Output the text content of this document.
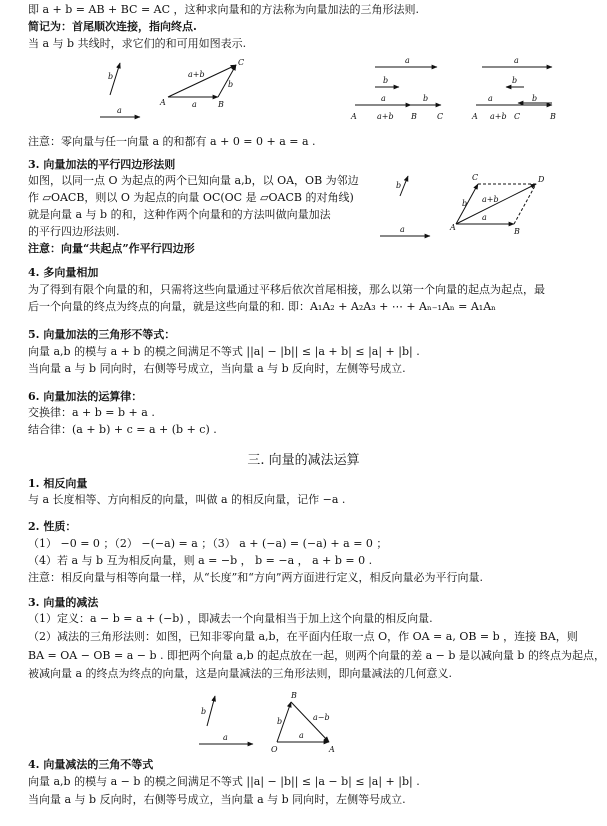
即 a + b = AB + BC = AC ，这种求向量和的方法称为向量加法的三角形法则.
简记为：首尾顺次连接，指向终点.
当 a 与 b 共线时，求它们的和可用如图表示.
b
a
a+b
a
b
A	B
C	a
b
a	b
A	a+b B	C
a
b
a	b
A a+b C	B
注意：零向量与任一向量 a 的和都有 a + 0 = 0 + a = a .
3. 向量加法的平行四边形法则
如图，以同一点 O 为起点的两个已知向量 a,b，以 OA，OB 为邻边
作 ▱OACB，则以 O 为起点的向量 OC(OC 是 ▱OACB 的对角线)
就是向量 a 与 b 的和，这种作两个向量和的方法叫做向量加法
的平行四边形法则.
注意：向量“共起点”作平行四边形
b
a
a+b
a
b
A	B
C	D
4. 多向量相加
为了得到有限个向量的和，只需将这些向量通过平移后依次首尾相接，那么以第一个向量的起点为起点，最
后一个向量的终点为终点的向量，就是这些向量的和. 即：A₁A₂ + A₂A₃ + ⋯ + Aₙ₋₁Aₙ = A₁Aₙ
5. 向量加法的三角形不等式：
向量 a,b 的模与 a + b 的模之间满足不等式 ||a| − |b|| ≤ |a + b| ≤ |a| + |b| .
当向量 a 与 b 同向时，右侧等号成立，当向量 a 与 b 反向时，左侧等号成立.
6. 向量加法的运算律：
交换律：a + b = b + a .
结合律：(a + b) + c = a + (b + c) .
三. 向量的减法运算
1. 相反向量
与 a 长度相等、方向相反的向量，叫做 a 的相反向量，记作 −a .
2. 性质：
（1） −0 = 0 ；（2） −(−a) = a ；（3） a + (−a) = (−a) + a = 0 ；
（4）若 a 与 b 互为相反向量，则 a = −b ， b = −a ， a + b = 0 .
注意：相反向量与相等向量一样，从“长度”和“方向”两方面进行定义，相反向量必为平行向量.
3. 向量的减法
（1）定义：a − b = a + (−b) ，即减去一个向量相当于加上这个向量的相反向量.
（2）减法的三角形法则：如图，已知非零向量 a,b，在平面内任取一点 O，作 OA = a, OB = b ，连接 BA，则
BA = OA − OB = a − b . 即把两个向量 a,b 的起点放在一起，则两个向量的差 a − b 是以减向量 b 的终点为起点，
被减向量 a 的终点为终点的向量，这是向量减法的三角形法则，即向量减法的几何意义.
b
a
a−b
b
a
O	A
B
4. 向量减法的三角不等式
向量 a,b 的模与 a − b 的模之间满足不等式 ||a| − |b|| ≤ |a − b| ≤ |a| + |b| .
当向量 a 与 b 反向时，右侧等号成立，当向量 a 与 b 同向时，左侧等号成立.
